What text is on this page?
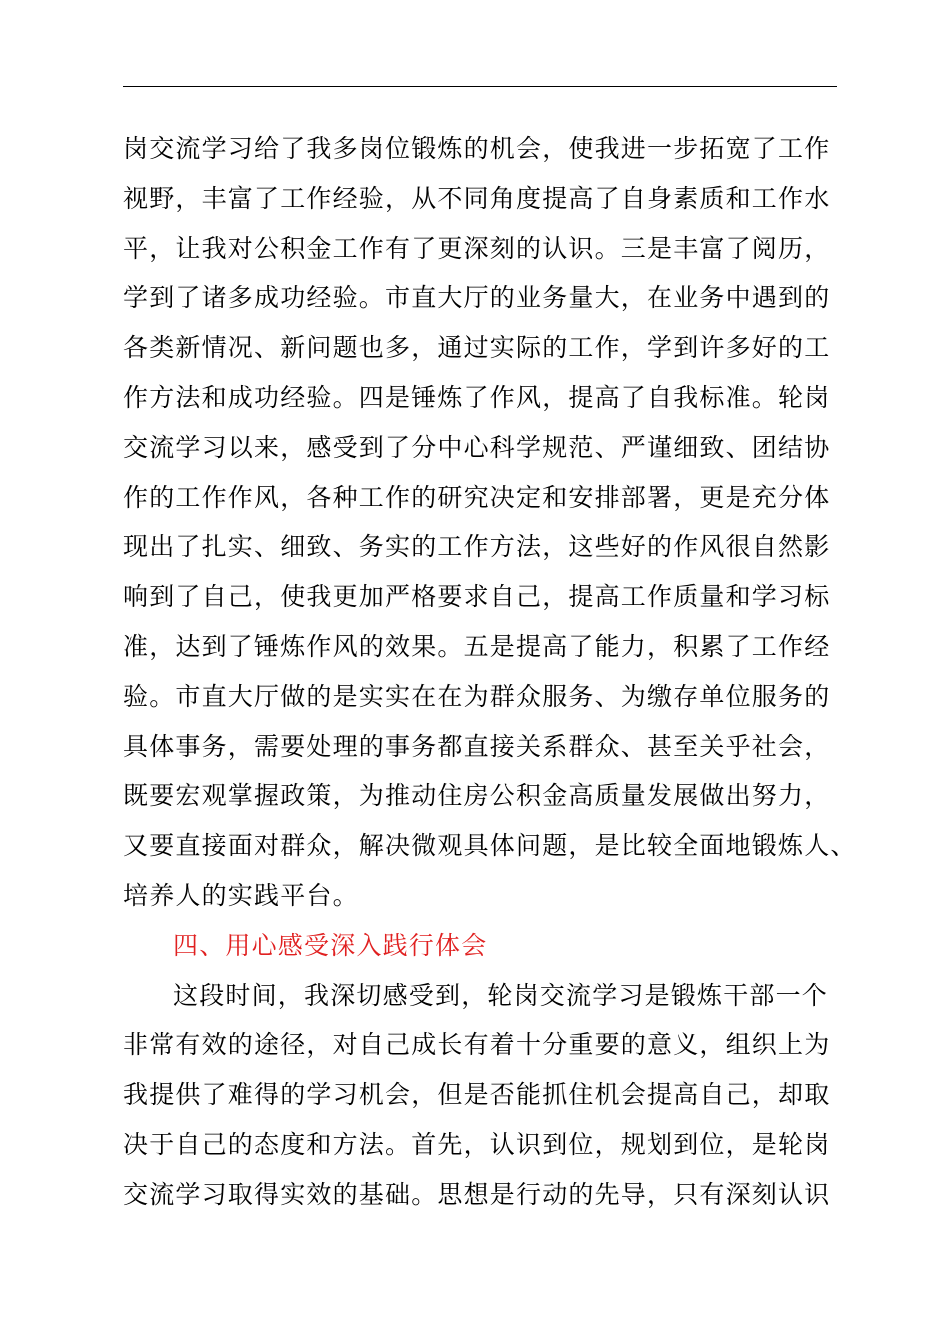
岗交流学习给了我多岗位锻炼的机会，使我进一步拓宽了工作
视野，丰富了工作经验，从不同角度提高了自身素质和工作水
平，让我对公积金工作有了更深刻的认识。三是丰富了阅历，
学到了诸多成功经验。市直大厅的业务量大，在业务中遇到的
各类新情况、新问题也多，通过实际的工作，学到许多好的工
作方法和成功经验。四是锤炼了作风，提高了自我标准。轮岗
交流学习以来，感受到了分中心科学规范、严谨细致、团结协
作的工作作风，各种工作的研究决定和安排部署，更是充分体
现出了扎实、细致、务实的工作方法，这些好的作风很自然影
响到了自己，使我更加严格要求自己，提高工作质量和学习标
准，达到了锤炼作风的效果。五是提高了能力，积累了工作经
验。市直大厅做的是实实在在为群众服务、为缴存单位服务的
具体事务，需要处理的事务都直接关系群众、甚至关乎社会，
既要宏观掌握政策，为推动住房公积金高质量发展做出努力，
又要直接面对群众，解决微观具体问题，是比较全面地锻炼人、
培养人的实践平台。
四、用心感受深入践行体会
这段时间，我深切感受到，轮岗交流学习是锻炼干部一个
非常有效的途径，对自己成长有着十分重要的意义，组织上为
我提供了难得的学习机会，但是否能抓住机会提高自己，却取
决于自己的态度和方法。首先，认识到位，规划到位，是轮岗
交流学习取得实效的基础。思想是行动的先导，只有深刻认识
